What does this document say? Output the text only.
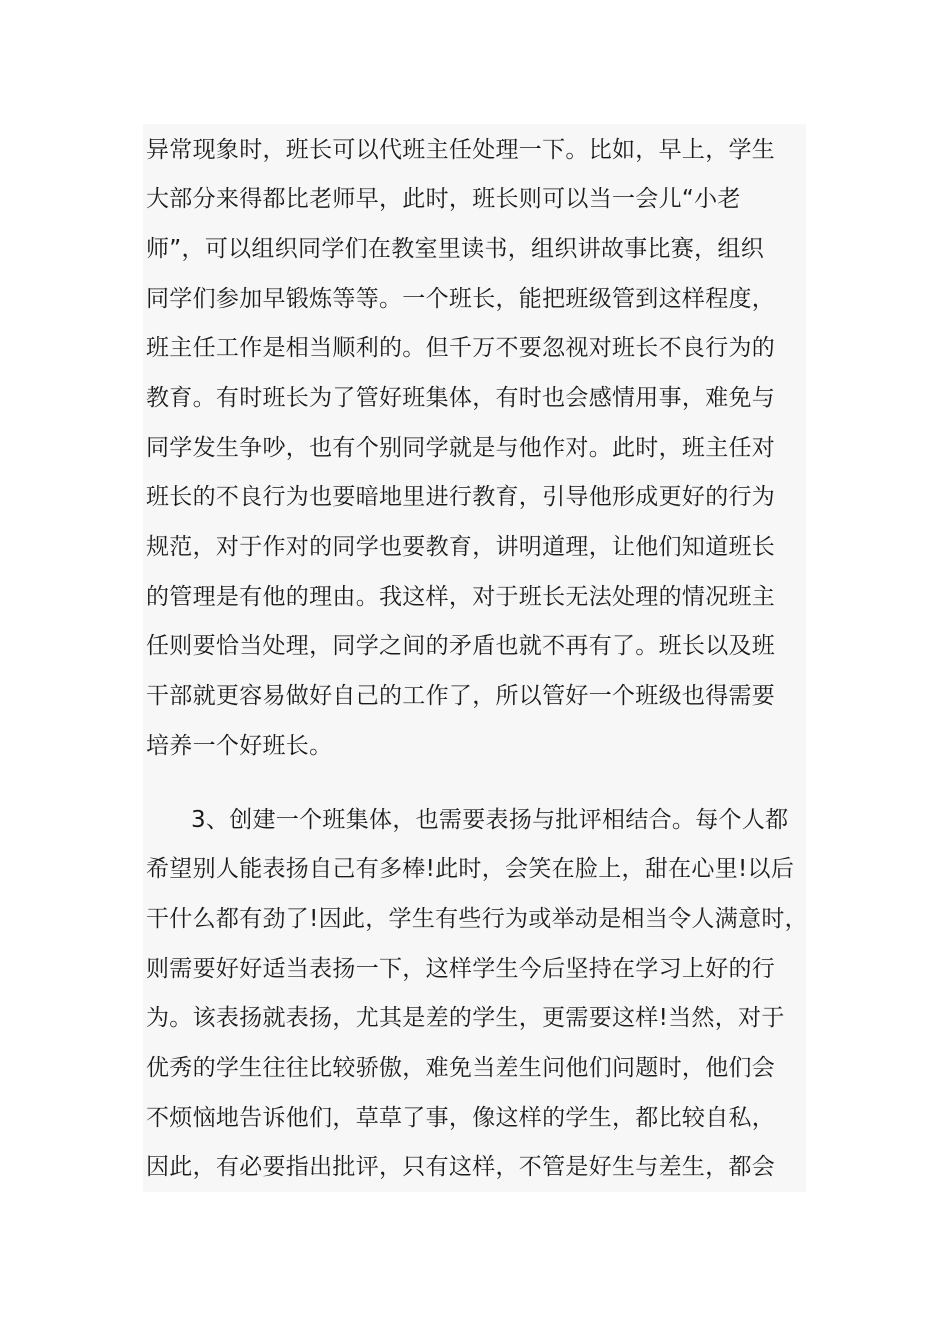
异常现象时，班长可以代班主任处理一下。比如，早上，学生
大部分来得都比老师早，此时，班长则可以当一会儿“小老
师”，可以组织同学们在教室里读书，组织讲故事比赛，组织
同学们参加早锻炼等等。一个班长，能把班级管到这样程度，
班主任工作是相当顺利的。但千万不要忽视对班长不良行为的
教育。有时班长为了管好班集体，有时也会感情用事，难免与
同学发生争吵，也有个别同学就是与他作对。此时，班主任对
班长的不良行为也要暗地里进行教育，引导他形成更好的行为
规范，对于作对的同学也要教育，讲明道理，让他们知道班长
的管理是有他的理由。我这样，对于班长无法处理的情况班主
任则要恰当处理，同学之间的矛盾也就不再有了。班长以及班
干部就更容易做好自己的工作了，所以管好一个班级也得需要
培养一个好班长。
3、创建一个班集体，也需要表扬与批评相结合。每个人都
希望别人能表扬自己有多棒!此时，会笑在脸上，甜在心里!以后
干什么都有劲了!因此，学生有些行为或举动是相当令人满意时，
则需要好好适当表扬一下，这样学生今后坚持在学习上好的行
为。该表扬就表扬，尤其是差的学生，更需要这样!当然，对于
优秀的学生往往比较骄傲，难免当差生问他们问题时，他们会
不烦恼地告诉他们，草草了事，像这样的学生，都比较自私，
因此，有必要指出批评，只有这样，不管是好生与差生，都会
